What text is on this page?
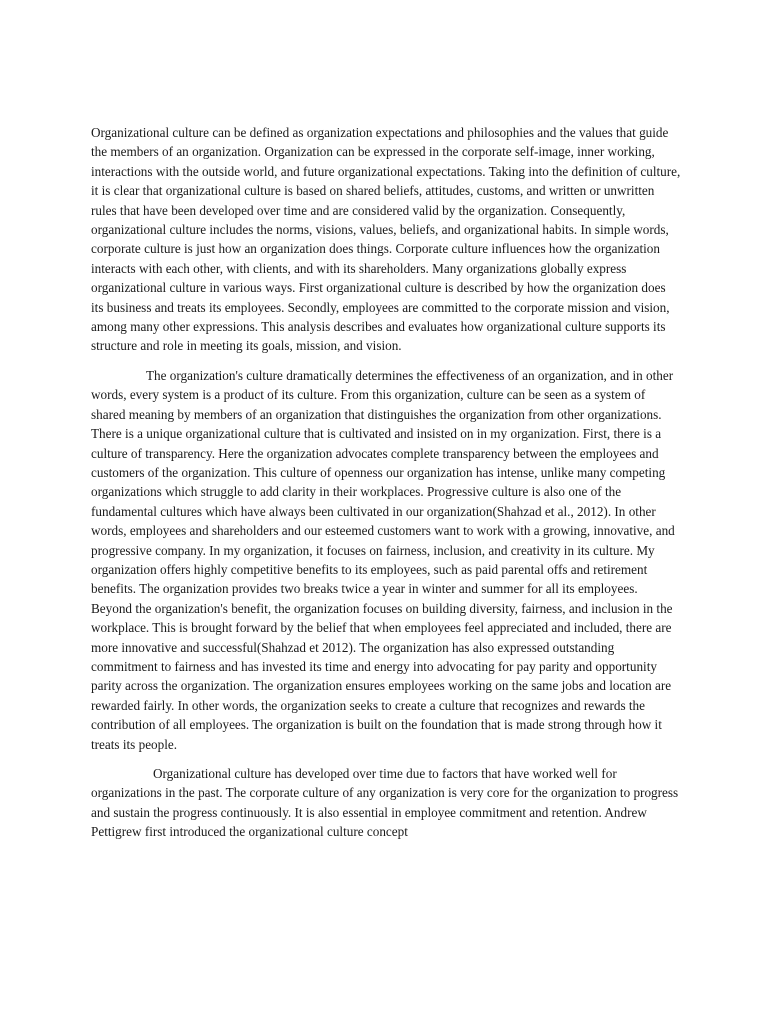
Organizational culture can be defined as organization expectations and philosophies and the values that guide the members of an organization. Organization can be expressed in the corporate self-image, inner working, interactions with the outside world, and future organizational expectations. Taking into the definition of culture, it is clear that organizational culture is based on shared beliefs, attitudes, customs, and written or unwritten rules that have been developed over time and are considered valid by the organization. Consequently, organizational culture includes the norms, visions, values, beliefs, and organizational habits. In simple words, corporate culture is just how an organization does things. Corporate culture influences how the organization interacts with each other, with clients, and with its shareholders. Many organizations globally express organizational culture in various ways. First organizational culture is described by how the organization does its business and treats its employees. Secondly, employees are committed to the corporate mission and vision, among many other expressions. This analysis describes and evaluates how organizational culture supports its structure and role in meeting its goals, mission, and vision.

The organization's culture dramatically determines the effectiveness of an organization, and in other words, every system is a product of its culture. From this organization, culture can be seen as a system of shared meaning by members of an organization that distinguishes the organization from other organizations. There is a unique organizational culture that is cultivated and insisted on in my organization. First, there is a culture of transparency. Here the organization advocates complete transparency between the employees and customers of the organization. This culture of openness our organization has intense, unlike many competing organizations which struggle to add clarity in their workplaces. Progressive culture is also one of the fundamental cultures which have always been cultivated in our organization(Shahzad et al., 2012). In other words, employees and shareholders and our esteemed customers want to work with a growing, innovative, and progressive company. In my organization, it focuses on fairness, inclusion, and creativity in its culture. My organization offers highly competitive benefits to its employees, such as paid parental offs and retirement benefits. The organization provides two breaks twice a year in winter and summer for all its employees. Beyond the organization's benefit, the organization focuses on building diversity, fairness, and inclusion in the workplace. This is brought forward by the belief that when employees feel appreciated and included, there are more innovative and successful(Shahzad et 2012). The organization has also expressed outstanding commitment to fairness and has invested its time and energy into advocating for pay parity and opportunity parity across the organization. The organization ensures employees working on the same jobs and location are rewarded fairly. In other words, the organization seeks to create a culture that recognizes and rewards the contribution of all employees. The organization is built on the foundation that is made strong through how it treats its people.

Organizational culture has developed over time due to factors that have worked well for organizations in the past. The corporate culture of any organization is very core for the organization to progress and sustain the progress continuously. It is also essential in employee commitment and retention. Andrew Pettigrew first introduced the organizational culture concept
